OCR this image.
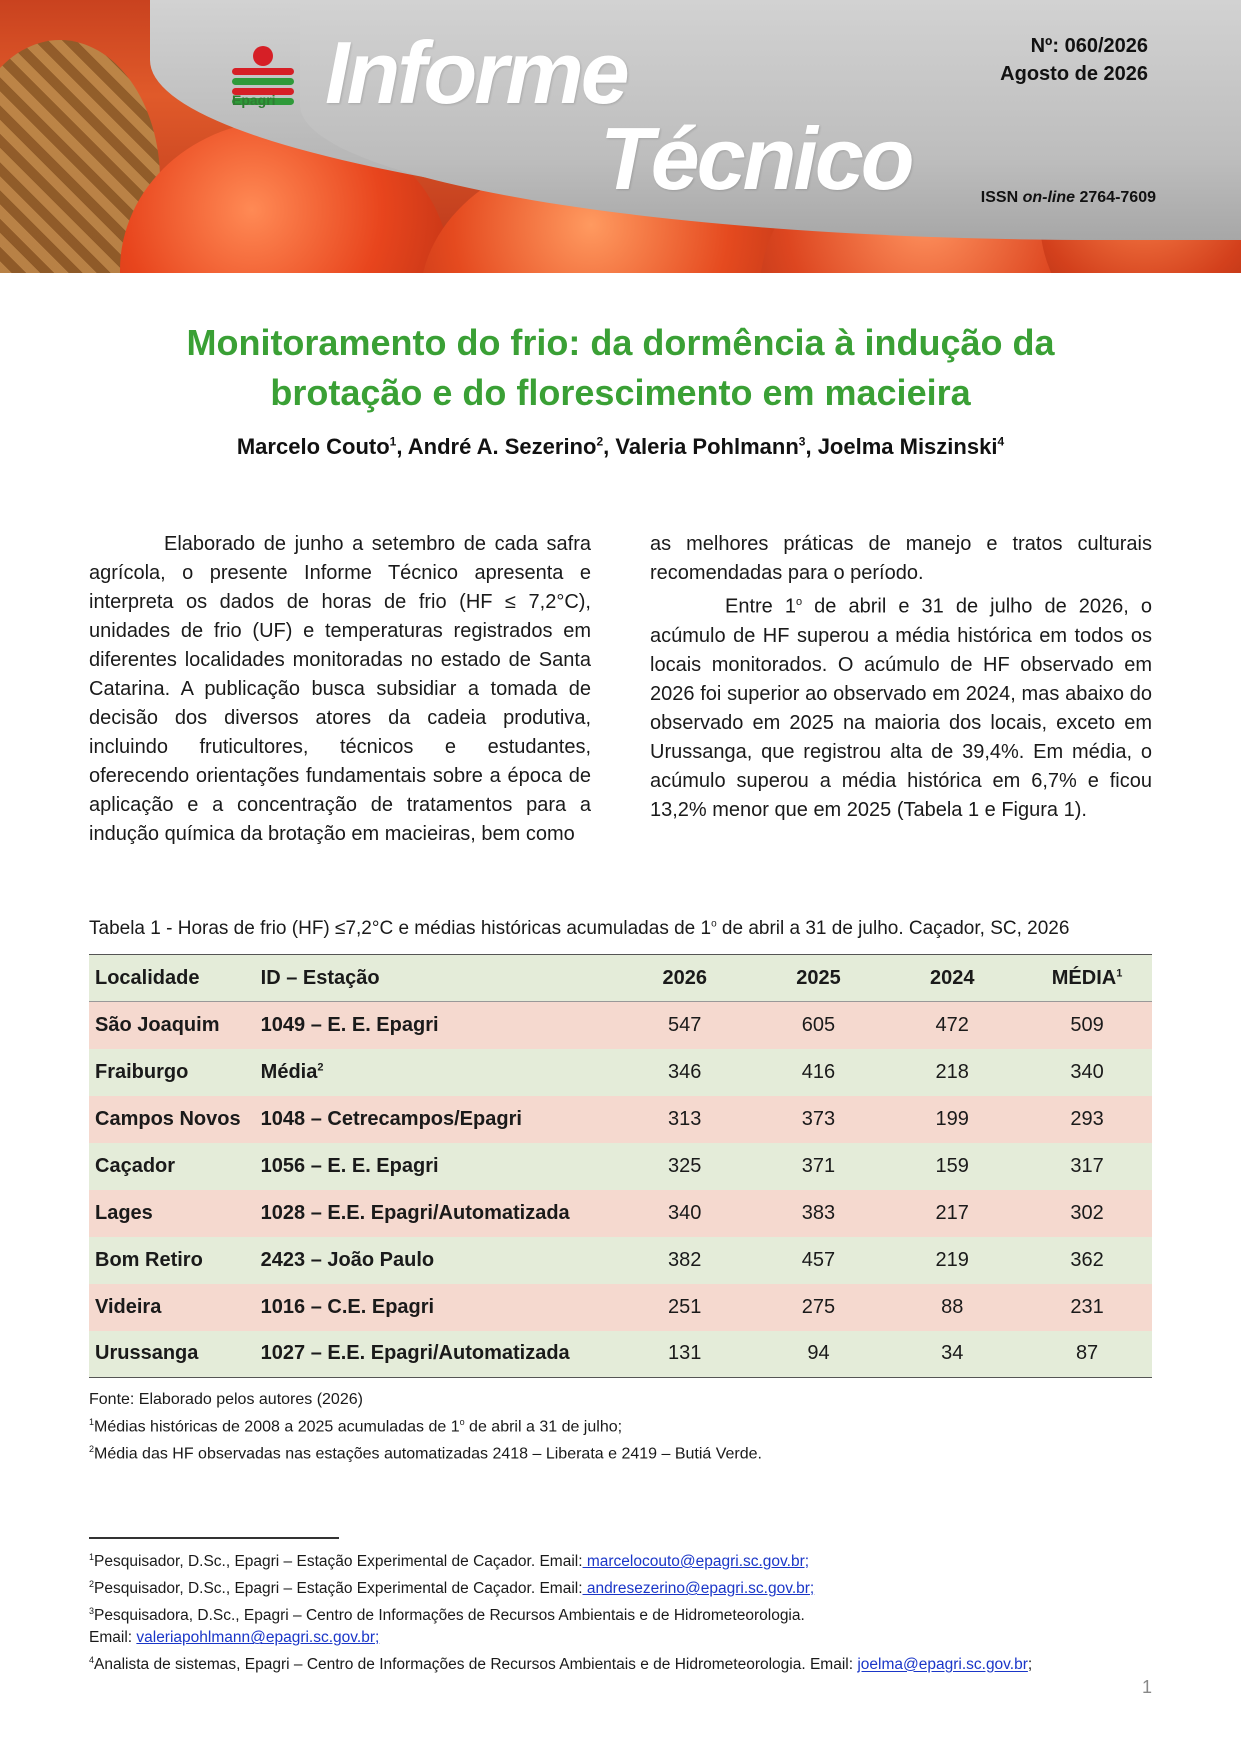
Epagri Informe
Técnico
Nº: 060/2026
Agosto de 2026
ISSN on-line 2764-7609
Monitoramento do frio: da dormência à indução da
brotação e do florescimento em macieira
Marcelo Couto$^1$, André A. Sezerino$^2$, Valeria Pohlmann$^3$, Joelma Miszinski$^4$

Elaborado de junho a setembro de cada safra agrícola, o presente Informe Técnico apresenta e interpreta os dados de horas de frio (HF ≤ 7,2°C), unidades de frio (UF) e temperaturas registrados em diferentes localidades monitoradas no estado de Santa Catarina. A publicação busca subsidiar a tomada de decisão dos diversos atores da cadeia produtiva, incluindo fruticultores, técnicos e estudantes, oferecendo orientações fundamentais sobre a época de aplicação e a concentração de tratamentos para a indução química da brotação em macieiras, bem como

as melhores práticas de manejo e tratos culturais recomendadas para o período.

Entre 1$^o$ de abril e 31 de julho de 2026, o acúmulo de HF superou a média histórica em todos os locais monitorados. O acúmulo de HF observado em 2026 foi superior ao observado em 2024, mas abaixo do observado em 2025 na maioria dos locais, exceto em Urussanga, que registrou alta de 39,4%. Em média, o acúmulo superou a média histórica em 6,7% e ficou 13,2% menor que em 2025 (Tabela 1 e Figura 1).

Tabela 1 - Horas de frio (HF) ≤7,2°C e médias históricas acumuladas de 1$^o$ de abril a 31 de julho. Caçador, SC, 2026
Localidade	ID – Estação	2026	2025	2024	MÉDIA$^1$
São Joaquim	1049 – E. E. Epagri	547	605	472	509
Fraiburgo	Média$^2$	346	416	218	340
Campos Novos	1048 – Cetrecampos/Epagri	313	373	199	293
Caçador	1056 – E. E. Epagri	325	371	159	317
Lages	1028 – E.E. Epagri/Automatizada	340	383	217	302
Bom Retiro	2423 – João Paulo	382	457	219	362
Videira	1016 – C.E. Epagri	251	275	88	231
Urussanga	1027 – E.E. Epagri/Automatizada	131	94	34	87
Fonte: Elaborado pelos autores (2026)
$^1$Médias históricas de 2008 a 2025 acumuladas de 1$^o$ de abril a 31 de julho;
$^2$Média das HF observadas nas estações automatizadas 2418 – Liberata e 2419 – Butiá Verde.
$^1$Pesquisador, D.Sc., Epagri – Estação Experimental de Caçador. Email: marcelocouto@epagri.sc.gov.br;
$^2$Pesquisador, D.Sc., Epagri – Estação Experimental de Caçador. Email: andresezerino@epagri.sc.gov.br;
$^3$Pesquisadora, D.Sc., Epagri – Centro de Informações de Recursos Ambientais e de Hidrometeorologia.
Email: valeriapohlmann@epagri.sc.gov.br;
$^4$Analista de sistemas, Epagri – Centro de Informações de Recursos Ambientais e de Hidrometeorologia. Email: joelma@epagri.sc.gov.br;
1
